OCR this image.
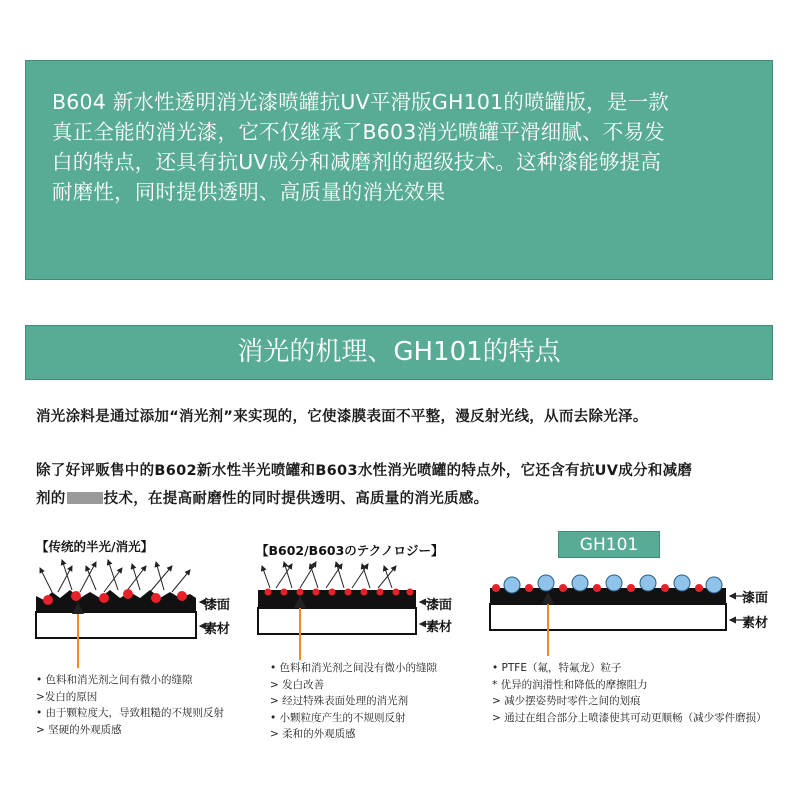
B604 新水性透明消光漆喷罐抗UV平滑版GH101的喷罐版，是一款
真正全能的消光漆，它不仅继承了B603消光喷罐平滑细腻、不易发
白的特点，还具有抗UV成分和减磨剂的超级技术。这种漆能够提高
耐磨性，同时提供透明、高质量的消光效果
消光的机理、GH101的特点
消光涂料是通过添加“消光剂”来实现的，它使漆膜表面不平整，漫反射光线，从而去除光泽。
除了好评贩售中的B602新水性半光喷罐和B603水性消光喷罐的特点外，它还含有抗UV成分和减磨
剂的	技术，在提高耐磨性的同时提供透明、高质量的消光质感。
【传统的半光/消光】	【B602/B603のテクノロジー】	GH101
漆面
素材
漆面
素材
漆面
素材
• 色料和消光剂之间有微小的缝隙
>发白的原因
• 由于颗粒度大，导致粗糙的不规则反射
> 坚硬的外观质感
• 色料和消光剂之间没有微小的缝隙
> 发白改善
> 经过特殊表面处理的消光剂
• 小颗粒度产生的不规则反射
> 柔和的外观质感
• PTFE（氟，特氟龙）粒子
* 优异的润滑性和降低的摩擦阻力
> 减少摆姿势时零件之间的划痕
> 通过在组合部分上喷漆使其可动更顺畅（减少零件磨损）
